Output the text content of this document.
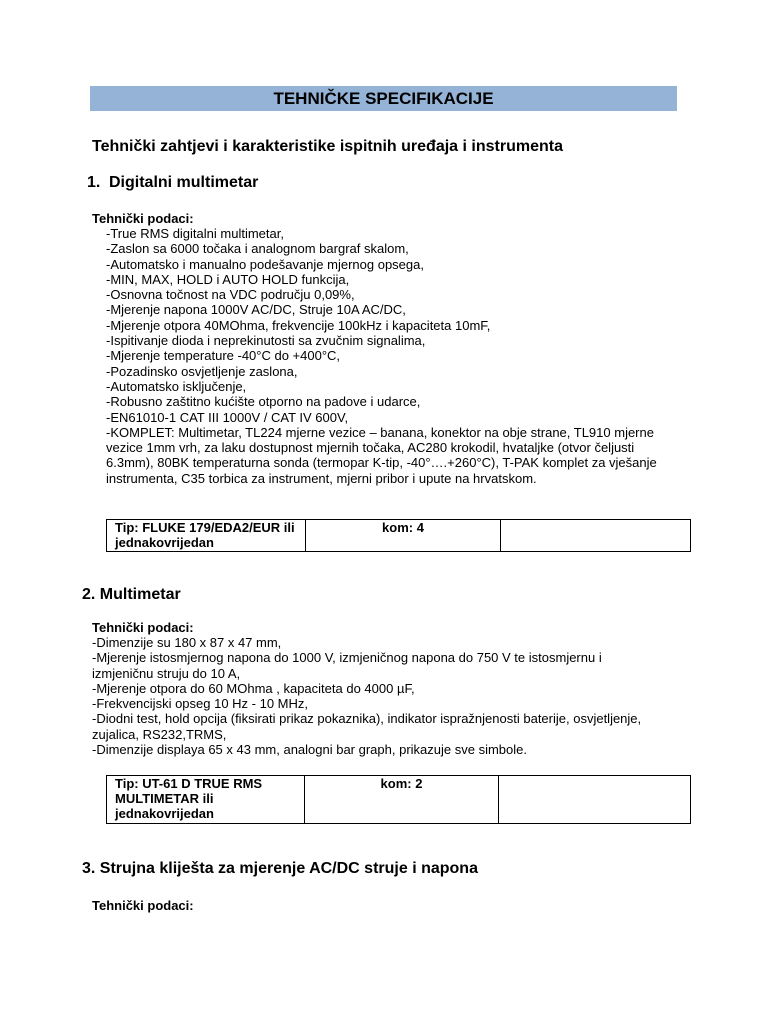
TEHNIČKE SPECIFIKACIJE
Tehnički zahtjevi i karakteristike ispitnih uređaja i instrumenta
1. Digitalni multimetar
Tehnički podaci:
-True RMS digitalni multimetar,
-Zaslon sa 6000 točaka i analognom bargraf skalom,
-Automatsko i manualno podešavanje mjernog opsega,
-MIN, MAX, HOLD i AUTO HOLD funkcija,
-Osnovna točnost na VDC području 0,09%,
-Mjerenje napona 1000V AC/DC, Struje 10A AC/DC,
-Mjerenje otpora 40MOhma, frekvencije 100kHz i kapaciteta 10mF,
-Ispitivanje dioda i neprekinutosti sa zvučnim signalima,
-Mjerenje temperature -40°C do +400°C,
-Pozadinsko osvjetljenje zaslona,
-Automatsko isključenje,
-Robusno zaštitno kućište otporno na padove i udarce,
-EN61010-1 CAT III 1000V / CAT IV 600V,
-KOMPLET: Multimetar, TL224 mjerne vezice – banana, konektor na obje strane, TL910 mjerne vezice 1mm vrh, za laku dostupnost mjernih točaka, AC280 krokodil, hvataljke (otvor čeljusti 6.3mm), 80BK temperaturna sonda (termopar K-tip, -40°….+260°C), T-PAK komplet za vješanje instrumenta, C35 torbica za instrument, mjerni pribor i upute na hrvatskom.
Tip: FLUKE 179/EDA2/EUR ili jednakovrijedan	kom: 4	
2. Multimetar
Tehnički podaci:
-Dimenzije su 180 x 87 x 47 mm,
-Mjerenje istosmjernog napona do 1000 V, izmjeničnog napona do 750 V te istosmjernu i izmjeničnu struju do 10 A,
-Mjerenje otpora do 60 MOhma , kapaciteta do 4000 µF,
-Frekvencijski opseg 10 Hz - 10 MHz,
-Diodni test, hold opcija (fiksirati prikaz pokaznika), indikator ispražnjenosti baterije, osvjetljenje, zujalica, RS232,TRMS,
-Dimenzije displaya 65 x 43 mm, analogni bar graph, prikazuje sve simbole.
Tip: UT-61 D TRUE RMS MULTIMETAR ili jednakovrijedan	kom: 2	
3. Strujna kliješta za mjerenje AC/DC struje i napona
Tehnički podaci:
